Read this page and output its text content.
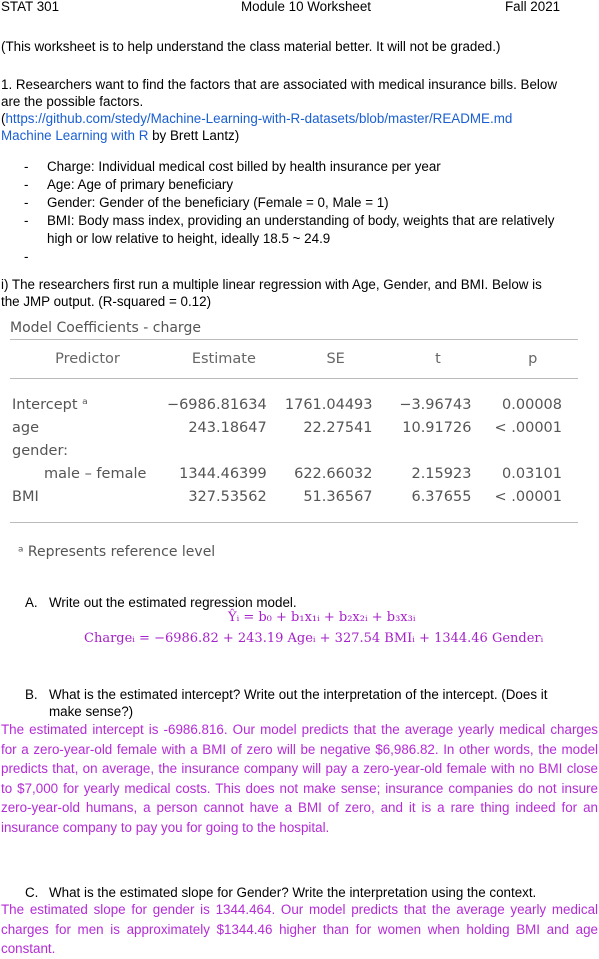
STAT 301	Module 10 Worksheet	Fall 2021
(This worksheet is to help understand the class material better. It will not be graded.)
1. Researchers want to find the factors that are associated with medical insurance bills. Below
are the possible factors.
(https://github.com/stedy/Machine-Learning-with-R-datasets/blob/master/README.md
Machine Learning with R by Brett Lantz)
- Charge: Individual medical cost billed by health insurance per year
- Age: Age of primary beneficiary
- Gender: Gender of the beneficiary (Female = 0, Male = 1)
- BMI: Body mass index, providing an understanding of body, weights that are relatively
high or low relative to height, ideally 18.5 ~ 24.9
-

i) The researchers first run a multiple linear regression with Age, Gender, and BMI. Below is
the JMP output. (R-squared = 0.12)
Model Coefficients - charge
Predictor	Estimate	SE	t	p

Intercept ᵃ	−6986.81634	1761.04493	−3.96743	0.00008
age	243.18647	22.27541	10.91726	< .00001
gender:				
male – female	1344.46399	622.66032	2.15923	0.03101
BMI	327.53562	51.36567	6.37655	< .00001

ᵃ Represents reference level
A. Write out the estimated regression model.
Ŷᵢ = b₀ + b₁x₁ᵢ + b₂x₂ᵢ + b₃x₃ᵢ
Chargeᵢ = −6986.82 + 243.19 Ageᵢ + 327.54 BMIᵢ + 1344.46 Genderᵢ
B. What is the estimated intercept? Write out the interpretation of the intercept. (Does it
make sense?)
The estimated intercept is -6986.816. Our model predicts that the average yearly medical charges for a zero-year-old female with a BMI of zero will be negative $6,986.82. In other words, the model predicts that, on average, the insurance company will pay a zero-year-old female with no BMI close to $7,000 for yearly medical costs. This does not make sense; insurance companies do not insure zero-year-old humans, a person cannot have a BMI of zero, and it is a rare thing indeed for an insurance company to pay you for going to the hospital.
C. What is the estimated slope for Gender? Write the interpretation using the context.
The estimated slope for gender is 1344.464. Our model predicts that the average yearly medical charges for men is approximately $1344.46 higher than for women when holding BMI and age constant.
